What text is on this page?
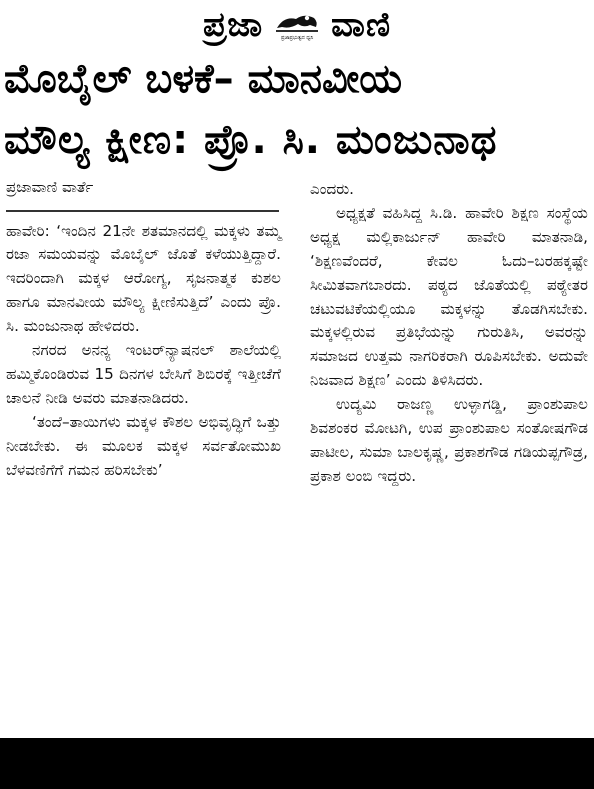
ಪ್ರಜಾ	ಪ್ರಜಾಪ್ರಭುತ್ವದ ಧ್ವನಿ ವಾಣಿ
ಮೊಬೈಲ್ ಬಳಕೆ– ಮಾನವೀಯ
ಮೌಲ್ಯ ಕ್ಷೀಣ: ಪ್ರೊ. ಸಿ. ಮಂಜುನಾಥ

ಪ್ರಜಾವಾಣಿ ವಾರ್ತೆ

ಹಾವೇರಿ: ‘ಇಂದಿನ 21ನೇ ಶತಮಾನದಲ್ಲಿ ಮಕ್ಕಳು ತಮ್ಮ ರಜಾ ಸಮಯವನ್ನು ಮೊಬೈಲ್ ಜೊತೆ ಕಳೆಯುತ್ತಿದ್ದಾರೆ. ಇದರಿಂದಾಗಿ ಮಕ್ಕಳ ಆರೋಗ್ಯ, ಸೃಜನಾತ್ಮಕ ಕುಶಲ ಹಾಗೂ ಮಾನವೀಯ ಮೌಲ್ಯ ಕ್ಷೀಣಿಸುತ್ತಿದೆ’ ಎಂದು ಪ್ರೊ. ಸಿ. ಮಂಜುನಾಥ ಹೇಳಿದರು.

ನಗರದ ಅನನ್ಯ ಇಂಟರ್‌ನ್ಯಾಷನಲ್ ಶಾಲೆಯಲ್ಲಿ ಹಮ್ಮಿಕೊಂಡಿರುವ 15 ದಿನಗಳ ಬೇಸಿಗೆ ಶಿಬಿರಕ್ಕೆ ಇತ್ತೀಚೆಗೆ ಚಾಲನೆ ನೀಡಿ ಅವರು ಮಾತನಾಡಿದರು.

‘ತಂದೆ–ತಾಯಿಗಳು ಮಕ್ಕಳ ಕೌಶಲ ಅಭಿವೃದ್ಧಿಗೆ ಒತ್ತು ನೀಡಬೇಕು. ಈ ಮೂಲಕ ಮಕ್ಕಳ ಸರ್ವತೋಮುಖ ಬೆಳವಣಿಗೆಗೆ ಗಮನ ಹರಿಸಬೇಕು’

ಎಂದರು.

ಅಧ್ಯಕ್ಷತೆ ವಹಿಸಿದ್ದ ಸಿ.ಡಿ. ಹಾವೇರಿ ಶಿಕ್ಷಣ ಸಂಸ್ಥೆಯ ಅಧ್ಯಕ್ಷ ಮಲ್ಲಿಕಾರ್ಜುನ್ ಹಾವೇರಿ ಮಾತನಾಡಿ, ‘ಶಿಕ್ಷಣವೆಂದರೆ, ಕೇವಲ ಓದು–ಬರಹಕ್ಕಷ್ಟೇ ಸೀಮಿತವಾಗಬಾರದು. ಪಠ್ಯದ ಜೊತೆಯಲ್ಲಿ ಪಠ್ಯೇತರ ಚಟುವಟಿಕೆಯಲ್ಲಿಯೂ ಮಕ್ಕಳನ್ನು ತೊಡಗಿಸಬೇಕು. ಮಕ್ಕಳಲ್ಲಿರುವ ಪ್ರತಿಭೆಯನ್ನು ಗುರುತಿಸಿ, ಅವರನ್ನು ಸಮಾಜದ ಉತ್ತಮ ನಾಗರಿಕರಾಗಿ ರೂಪಿಸಬೇಕು. ಅದುವೇ ನಿಜವಾದ ಶಿಕ್ಷಣ’ ಎಂದು ತಿಳಿಸಿದರು.

ಉದ್ಯಮಿ ರಾಜಣ್ಣ ಉಳ್ಳಾಗಡ್ಡಿ, ಪ್ರಾಂಶುಪಾಲ ಶಿವಶಂಕರ ಮೋಟಗಿ, ಉಪ ಪ್ರಾಂಶುಪಾಲ ಸಂತೋಷಗೌಡ ಪಾಟೀಲ, ಸುಮಾ ಬಾಲಕೃಷ್ಣ, ಪ್ರಕಾಶಗೌಡ ಗಡಿಯಪ್ಪಗೌಡ್ರ, ಪ್ರಕಾಶ ಲಂಬಿ ಇದ್ದರು.
